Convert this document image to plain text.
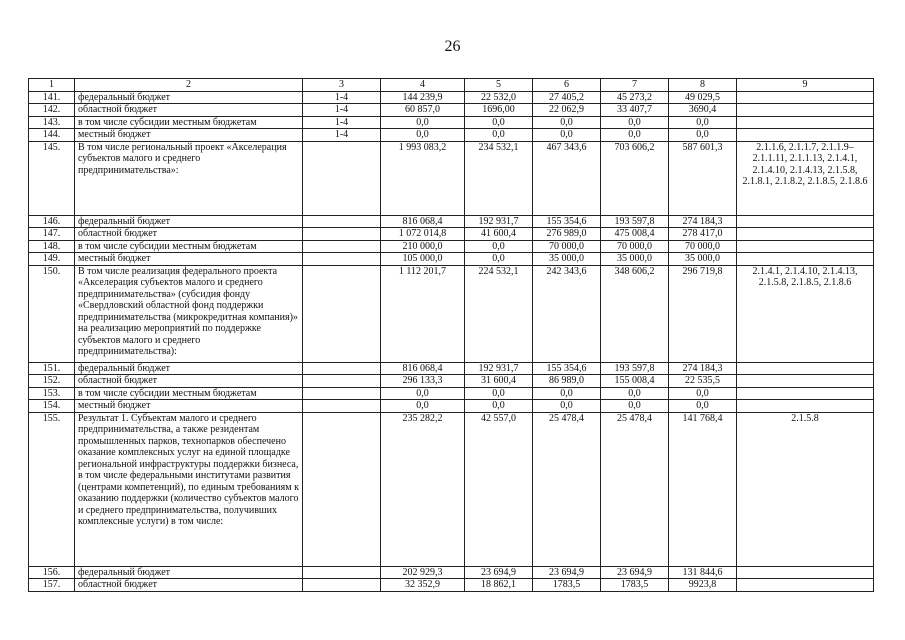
26
1	2	3	4	5	6	7	8	9
141.	федеральный бюджет	1-4	144 239,9	22 532,0	27 405,2	45 273,2	49 029,5	
142.	областной бюджет	1-4	60 857,0	1696,00	22 062,9	33 407,7	3690,4	
143.	в том числе субсидии местным бюджетам	1-4	0,0	0,0	0,0	0,0	0,0	
144.	местный бюджет	1-4	0,0	0,0	0,0	0,0	0,0	
145.	В том числе региональный проект «Акселерация субъектов малого и среднего предпринимательства»:		1 993 083,2	234 532,1	467 343,6	703 606,2	587 601,3	2.1.1.6, 2.1.1.7, 2.1.1.9–2.1.1.11, 2.1.1.13, 2.1.4.1, 2.1.4.10, 2.1.4.13, 2.1.5.8, 2.1.8.1, 2.1.8.2, 2.1.8.5, 2.1.8.6
146.	федеральный бюджет		816 068,4	192 931,7	155 354,6	193 597,8	274 184,3	
147.	областной бюджет		1 072 014,8	41 600,4	276 989,0	475 008,4	278 417,0	
148.	в том числе субсидии местным бюджетам		210 000,0	0,0	70 000,0	70 000,0	70 000,0	
149.	местный бюджет		105 000,0	0,0	35 000,0	35 000,0	35 000,0	
150.	В том числе реализация федерального проекта «Акселерация субъектов малого и среднего предпринимательства» (субсидия фонду «Свердловский областной фонд поддержки предпринимательства (микрокредитная компания)» на реализацию мероприятий по поддержке субъектов малого и среднего предпринимательства):		1 112 201,7	224 532,1	242 343,6	348 606,2	296 719,8	2.1.4.1, 2.1.4.10, 2.1.4.13, 2.1.5.8, 2.1.8.5, 2.1.8.6
151.	федеральный бюджет		816 068,4	192 931,7	155 354,6	193 597,8	274 184,3	
152.	областной бюджет		296 133,3	31 600,4	86 989,0	155 008,4	22 535,5	
153.	в том числе субсидии местным бюджетам		0,0	0,0	0,0	0,0	0,0	
154.	местный бюджет		0,0	0,0	0,0	0,0	0,0	
155.	Результат 1. Субъектам малого и среднего предпринимательства, а также резидентам промышленных парков, технопарков обеспечено оказание комплексных услуг на единой площадке региональной инфраструктуры поддержки бизнеса, в том числе федеральными институтами развития (центрами компетенций), по единым требованиям к оказанию поддержки (количество субъектов малого и среднего предпринимательства, получивших комплексные услуги) в том числе:		235 282,2	42 557,0	25 478,4	25 478,4	141 768,4	2.1.5.8
156.	федеральный бюджет		202 929,3	23 694,9	23 694,9	23 694,9	131 844,6	
157.	областной бюджет		32 352,9	18 862,1	1783,5	1783,5	9923,8	
